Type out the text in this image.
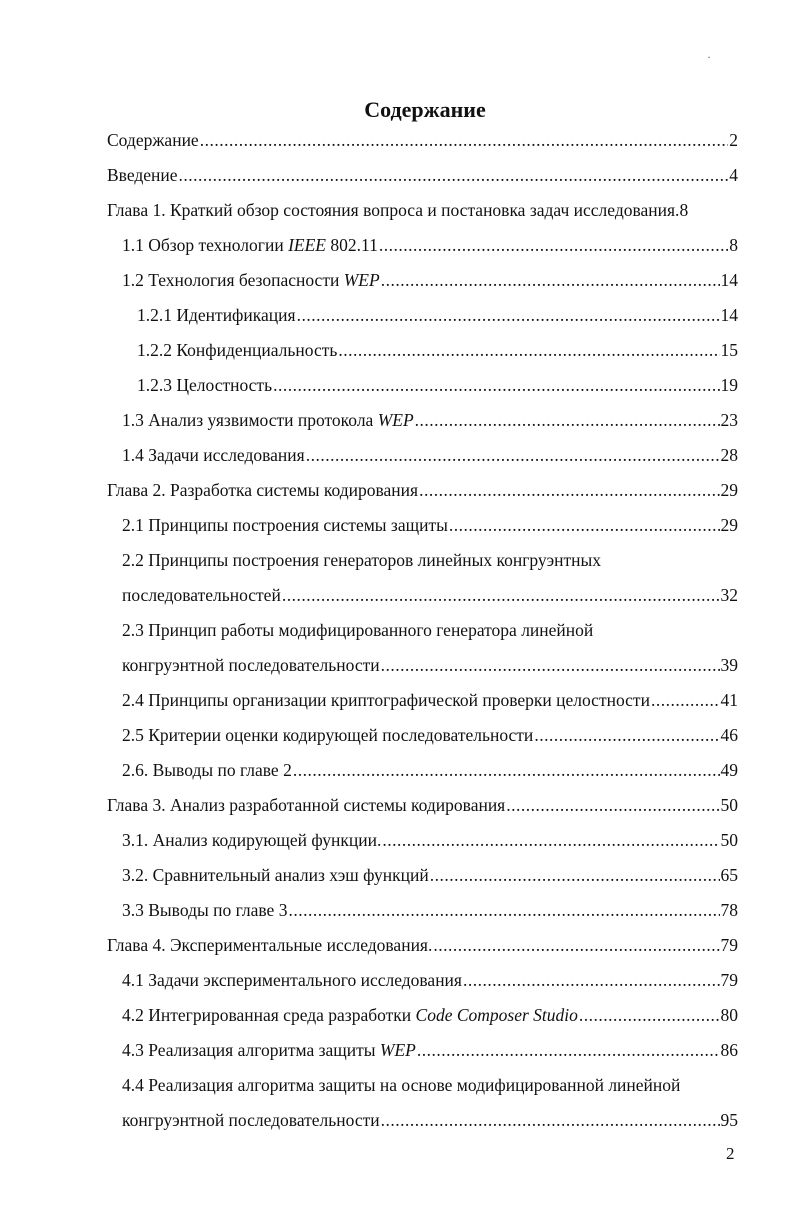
·
Содержание
Содержание .....	2
Введение .....	4
Глава 1. Краткий обзор состояния вопроса и постановка задач исследования. 8
1.1 Обзор технологии IEEE 802.11 .....	8
1.2 Технология безопасности WEP .....	14
1.2.1 Идентификация .....	14
1.2.2 Конфиденциальность .....	15
1.2.3 Целостность .....	19
1.3 Анализ уязвимости протокола WEP .....	23
1.4 Задачи исследования .....	28
Глава 2. Разработка системы кодирования .....	29
2.1 Принципы построения системы защиты .....	29
2.2 Принципы построения генераторов линейных конгруэнтных
последовательностей .....	32
2.3 Принцип работы модифицированного генератора линейной
конгруэнтной последовательности .....	39
2.4 Принципы организации криптографической проверки целостности .....	41
2.5 Критерии оценки кодирующей последовательности .....	46
2.6. Выводы по главе 2 .....	49
Глава 3. Анализ разработанной системы кодирования .....	50
3.1. Анализ кодирующей функции. .....	50
3.2. Сравнительный анализ хэш функций .....	65
3.3 Выводы по главе 3 .....	78
Глава 4. Экспериментальные исследования. .....	79
4.1 Задачи экспериментального исследования .....	79
4.2 Интегрированная среда разработки Code Composer Studio .....	80
4.3 Реализация алгоритма защиты WEP .....	86
4.4 Реализация алгоритма защиты на основе модифицированной линейной
конгруэнтной последовательности .....	95
2
